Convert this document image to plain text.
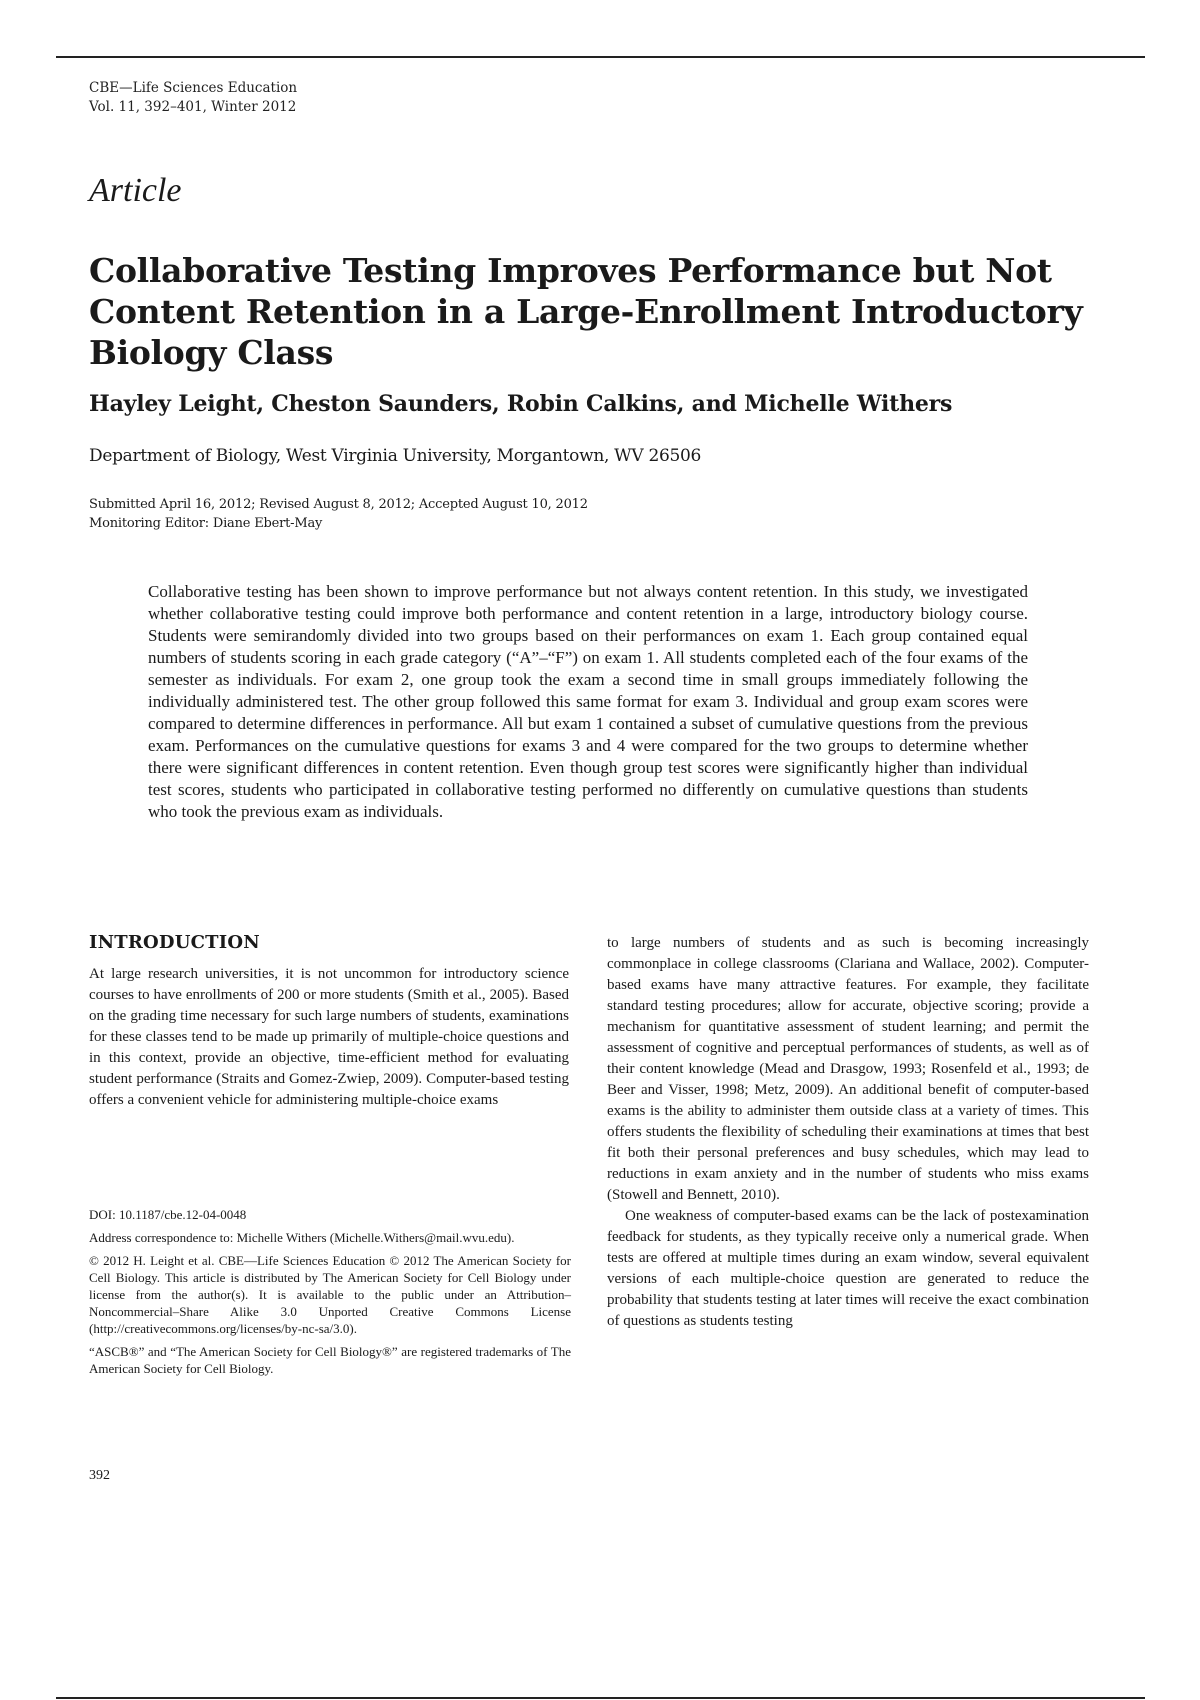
CBE—Life Sciences Education
Vol. 11, 392–401, Winter 2012
Article
Collaborative Testing Improves Performance but Not Content Retention in a Large-Enrollment Introductory Biology Class
Hayley Leight, Cheston Saunders, Robin Calkins, and Michelle Withers
Department of Biology, West Virginia University, Morgantown, WV 26506
Submitted April 16, 2012; Revised August 8, 2012; Accepted August 10, 2012
Monitoring Editor: Diane Ebert-May

Collaborative testing has been shown to improve performance but not always content retention. In this study, we investigated whether collaborative testing could improve both performance and content retention in a large, introductory biology course. Students were semirandomly divided into two groups based on their performances on exam 1. Each group contained equal numbers of students scoring in each grade category (“A”–“F”) on exam 1. All students completed each of the four exams of the semester as individuals. For exam 2, one group took the exam a second time in small groups immediately following the individually administered test. The other group followed this same format for exam 3. Individual and group exam scores were compared to determine differences in performance. All but exam 1 contained a subset of cumulative questions from the previous exam. Performances on the cumulative questions for exams 3 and 4 were compared for the two groups to determine whether there were significant differences in content retention. Even though group test scores were significantly higher than individual test scores, students who participated in collaborative testing performed no differently on cumulative questions than students who took the previous exam as individuals.

INTRODUCTION

At large research universities, it is not uncommon for introductory science courses to have enrollments of 200 or more students (Smith et al., 2005). Based on the grading time necessary for such large numbers of students, examinations for these classes tend to be made up primarily of multiple-choice questions and in this context, provide an objective, time-efficient method for evaluating student performance (Straits and Gomez-Zwiep, 2009). Computer-based testing offers a convenient vehicle for administering multiple-choice exams

DOI: 10.1187/cbe.12-04-0048

Address correspondence to: Michelle Withers (Michelle.Withers@mail.wvu.edu).

© 2012 H. Leight et al. CBE—Life Sciences Education © 2012 The American Society for Cell Biology. This article is distributed by The American Society for Cell Biology under license from the author(s). It is available to the public under an Attribution–Noncommercial–Share Alike 3.0 Unported Creative Commons License (http://creativecommons.org/licenses/by-nc-sa/3.0).

“ASCB®” and “The American Society for Cell Biology®” are registered trademarks of The American Society for Cell Biology.

to large numbers of students and as such is becoming increasingly commonplace in college classrooms (Clariana and Wallace, 2002). Computer-based exams have many attractive features. For example, they facilitate standard testing procedures; allow for accurate, objective scoring; provide a mechanism for quantitative assessment of student learning; and permit the assessment of cognitive and perceptual performances of students, as well as of their content knowledge (Mead and Drasgow, 1993; Rosenfeld et al., 1993; de Beer and Visser, 1998; Metz, 2009). An additional benefit of computer-based exams is the ability to administer them outside class at a variety of times. This offers students the flexibility of scheduling their examinations at times that best fit both their personal preferences and busy schedules, which may lead to reductions in exam anxiety and in the number of students who miss exams (Stowell and Bennett, 2010).

One weakness of computer-based exams can be the lack of postexamination feedback for students, as they typically receive only a numerical grade. When tests are offered at multiple times during an exam window, several equivalent versions of each multiple-choice question are generated to reduce the probability that students testing at later times will receive the exact combination of questions as students testing

392
